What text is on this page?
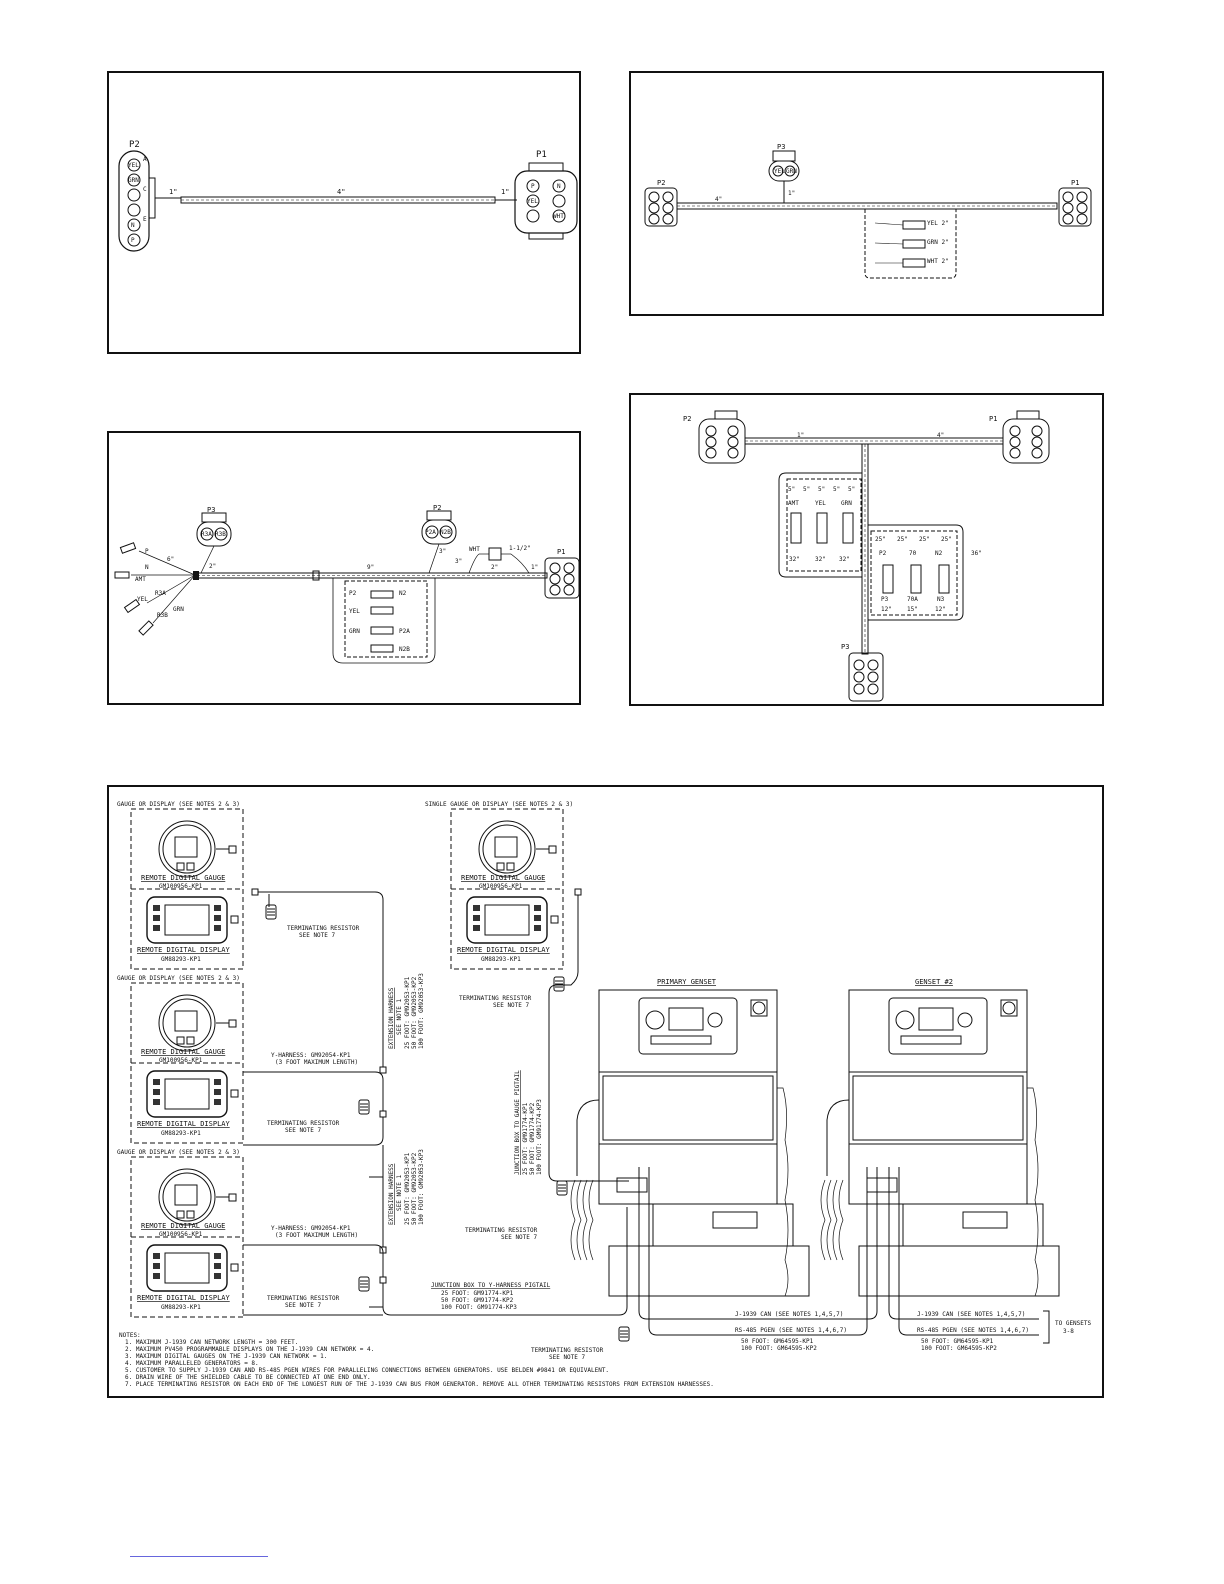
P2
YEL
GRN
N
P
A
C
E
1"	4"	1"
P1
P	N
YEL
WHT
P3
YEL GRN
P2
4"
1"
YEL 2"
GRN 2"
WHT 2"
P1
P3
R3A R3B
P2
P2A N2B
9"
2"
3"
3"
2"	1"
WHT	1-1/2"
P
N
AMT
R3A
YEL
R3B
GRN
6"
P2	N2
YEL
GRN	P2A
N2B
P1
P2	P1
1"	4"
36"
5" 5" 5" 5" 5"
AMT	YEL	GRN
32"	32" 32"
25" 25" 25" 25"
P2	70	N2
P3	70A	N3
12"	15"	12"
P3
GAUGE OR DISPLAY (SEE NOTES 2 & 3)
REMOTE DIGITAL GAUGE
GM100956-KP1
REMOTE DIGITAL DISPLAY
GM88293-KP1
GAUGE OR DISPLAY (SEE NOTES 2 & 3)
REMOTE DIGITAL GAUGE
GM100956-KP1
REMOTE DIGITAL DISPLAY
GM88293-KP1
GAUGE OR DISPLAY (SEE NOTES 2 & 3)
REMOTE DIGITAL GAUGE
GM100956-KP1
REMOTE DIGITAL DISPLAY
GM88293-KP1
SINGLE GAUGE OR DISPLAY (SEE NOTES 2 & 3)
REMOTE DIGITAL GAUGE
GM100956-KP1
REMOTE DIGITAL DISPLAY
GM88293-KP1
TERMINATING RESISTOR
SEE NOTE 7
TERMINATING RESISTOR
SEE NOTE 7
TERMINATING RESISTOR
SEE NOTE 7
TERMINATING RESISTOR
SEE NOTE 7
TERMINATING RESISTOR
SEE NOTE 7
TERMINATING RESISTOR
SEE NOTE 7
EXTENSION HARNESS SEE NOTE 1 25 FOOT: GM92053-KP1 50 FOOT: GM92053-KP2 100 FOOT: GM92053-KP3
EXTENSION HARNESS SEE NOTE 1 25 FOOT: GM92053-KP1 50 FOOT: GM92053-KP2 100 FOOT: GM92053-KP3
JUNCTION BOX TO GAUGE PIGTAIL 25 FOOT: GM91774-KP1 50 FOOT: GM91774-KP2 100 FOOT: GM91774-KP3
Y-HARNESS: GM92054-KP1
(3 FOOT MAXIMUM LENGTH)
Y-HARNESS: GM92054-KP1
(3 FOOT MAXIMUM LENGTH)
JUNCTION BOX TO Y-HARNESS PIGTAIL
25 FOOT: GM91774-KP1
50 FOOT: GM91774-KP2
100 FOOT: GM91774-KP3
PRIMARY GENSET	GENSET #2
J-1939 CAN (SEE NOTES 1,4,5,7)
RS-485 PGEN (SEE NOTES 1,4,6,7)
50 FOOT: GM64595-KP1
100 FOOT: GM64595-KP2
J-1939 CAN (SEE NOTES 1,4,5,7)
RS-485 PGEN (SEE NOTES 1,4,6,7)
50 FOOT: GM64595-KP1
100 FOOT: GM64595-KP2
TO GENSETS
3-8
NOTES:
1. MAXIMUM J-1939 CAN NETWORK LENGTH = 300 FEET.
2. MAXIMUM PV450 PROGRAMMABLE DISPLAYS ON THE J-1939 CAN NETWORK = 4.
3. MAXIMUM DIGITAL GAUGES ON THE J-1939 CAN NETWORK = 1.
4. MAXIMUM PARALLELED GENERATORS = 8.
5. CUSTOMER TO SUPPLY J-1939 CAN AND RS-485 PGEN WIRES FOR PARALLELING CONNECTIONS BETWEEN GENERATORS. USE BELDEN #9841 OR EQUIVALENT.
6. DRAIN WIRE OF THE SHIELDED CABLE TO BE CONNECTED AT ONE END ONLY.
7. PLACE TERMINATING RESISTOR ON EACH END OF THE LONGEST RUN OF THE J-1939 CAN BUS FROM GENERATOR. REMOVE ALL OTHER TERMINATING RESISTORS FROM EXTENSION HARNESSES.
